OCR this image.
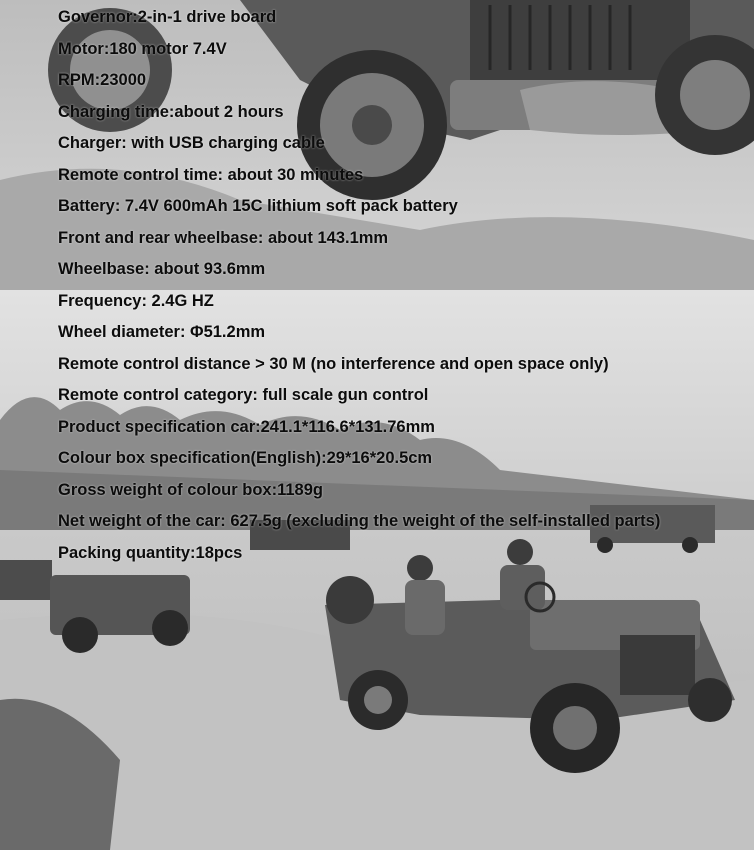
Governor:2-in-1 drive board
Motor:180 motor 7.4V
RPM:23000
Charging time:about 2 hours
Charger: with USB charging cable
Remote control time: about 30 minutes
Battery: 7.4V 600mAh 15C lithium soft pack battery
Front and rear wheelbase: about 143.1mm
Wheelbase: about 93.6mm
Frequency: 2.4G HZ
Wheel diameter: Φ51.2mm
Remote control distance > 30 M (no interference and open space only)
Remote control category: full scale gun control
Product specification car:241.1*116.6*131.76mm
Colour box specification(English):29*16*20.5cm
Gross weight of colour box:1189g
Net weight of the car: 627.5g (excluding the weight of the self-installed parts)
Packing quantity:18pcs
